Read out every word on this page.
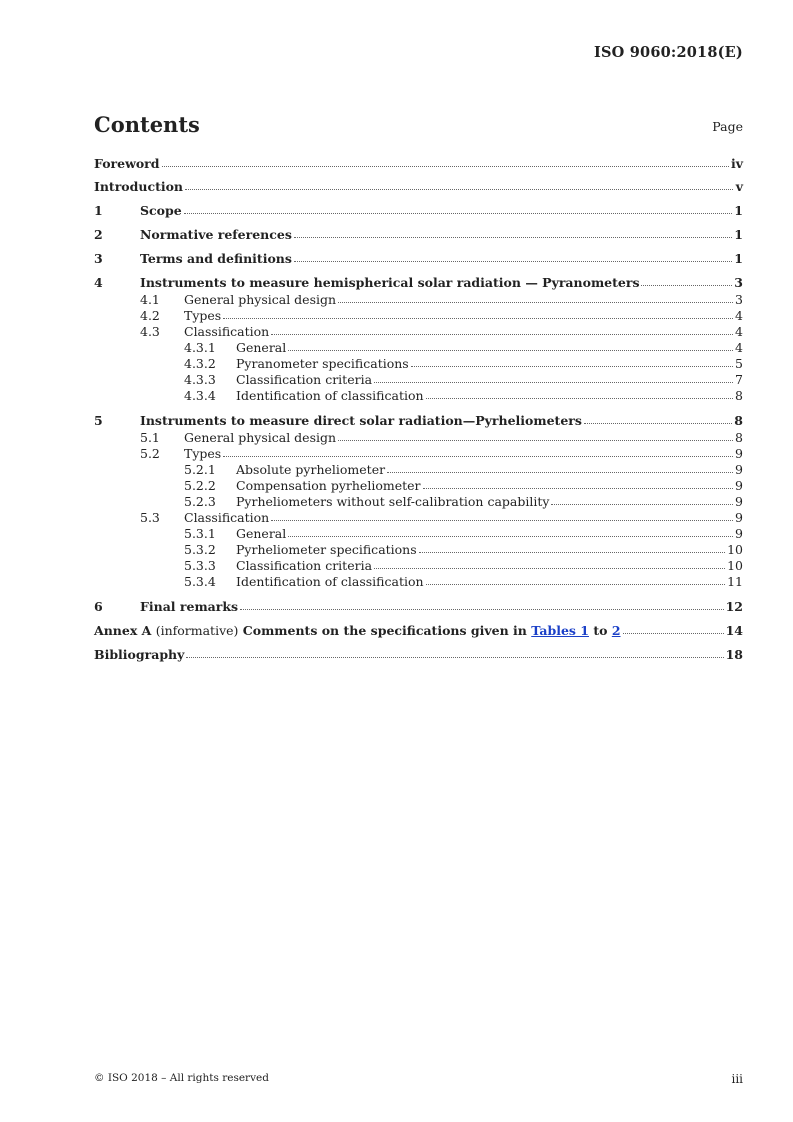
ISO 9060:2018(E)
Contents	Page
Foreword	iv
Introduction	v
1	Scope	1
2	Normative references	1
3	Terms and definitions	1
4	Instruments to measure hemispherical solar radiation — Pyranometers	3
4.1	General physical design	3
4.2	Types	4
4.3	Classification	4
4.3.1	General	4
4.3.2	Pyranometer specifications	5
4.3.3	Classification criteria	7
4.3.4	Identification of classification	8
5	Instruments to measure direct solar radiation—Pyrheliometers	8
5.1	General physical design	8
5.2	Types	9
5.2.1	Absolute pyrheliometer	9
5.2.2	Compensation pyrheliometer	9
5.2.3	Pyrheliometers without self-calibration capability	9
5.3	Classification	9
5.3.1	General	9
5.3.2	Pyrheliometer specifications	10
5.3.3	Classification criteria	10
5.3.4	Identification of classification	11
6	Final remarks	12
Annex A (informative) Comments on the specifications given in Tables 1 to 2	14
Bibliography	18
© ISO 2018 – All rights reserved	iii
